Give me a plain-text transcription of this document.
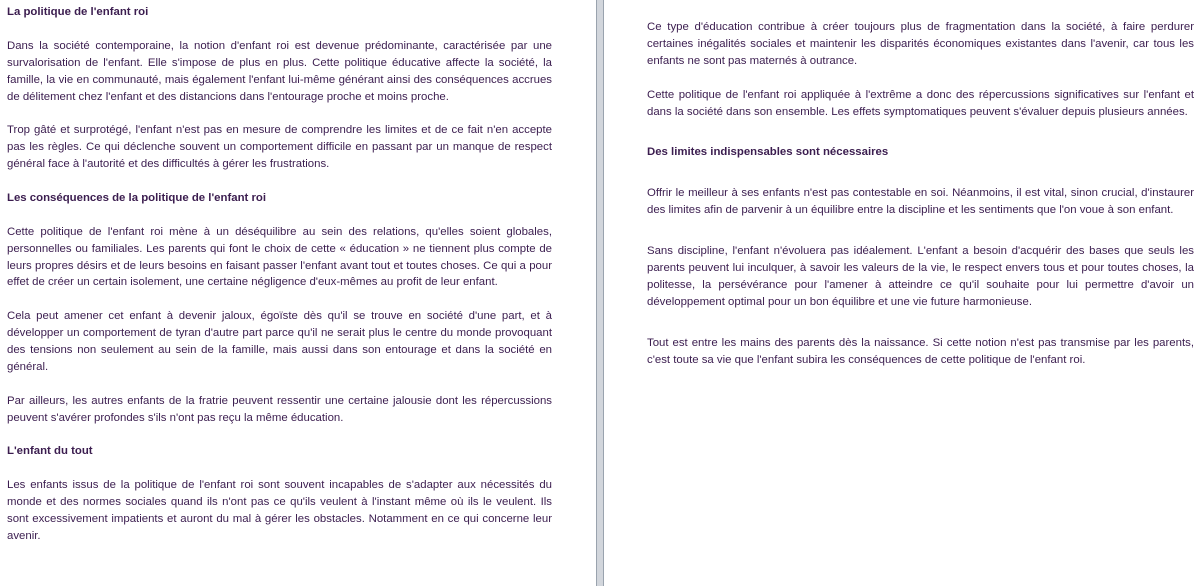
La politique de l'enfant roi

Dans la société contemporaine, la notion d'enfant roi est devenue prédominante, caractérisée par une survalorisation de l'enfant. Elle s'impose de plus en plus. Cette politique éducative affecte la société, la famille, la vie en communauté, mais également l'enfant lui-même générant ainsi des conséquences accrues de délitement chez l'enfant et des distancions dans l'entourage proche et moins proche.

Trop gâté et surprotégé, l'enfant n'est pas en mesure de comprendre les limites et de ce fait n'en accepte pas les règles. Ce qui déclenche souvent un comportement difficile en passant par un manque de respect général face à l'autorité et des difficultés à gérer les frustrations.

Les conséquences de la politique de l'enfant roi

Cette politique de l'enfant roi mène à un déséquilibre au sein des relations, qu'elles soient globales, personnelles ou familiales. Les parents qui font le choix de cette « éducation » ne tiennent plus compte de leurs propres désirs et de leurs besoins en faisant passer l'enfant avant tout et toutes choses. Ce qui a pour effet de créer un certain isolement, une certaine négligence d'eux-mêmes au profit de leur enfant.

Cela peut amener cet enfant à devenir jaloux, égoïste dès qu'il se trouve en société d'une part, et à développer un comportement de tyran d'autre part parce qu'il ne serait plus le centre du monde provoquant des tensions non seulement au sein de la famille, mais aussi dans son entourage et dans la société en général.

Par ailleurs, les autres enfants de la fratrie peuvent ressentir une certaine jalousie dont les répercussions peuvent s'avérer profondes s'ils n'ont pas reçu la même éducation.

L'enfant du tout

Les enfants issus de la politique de l'enfant roi sont souvent incapables de s'adapter aux nécessités du monde et des normes sociales quand ils n'ont pas ce qu'ils veulent à l'instant même où ils le veulent. Ils sont excessivement impatients et auront du mal à gérer les obstacles. Notamment en ce qui concerne leur avenir.

Ce type d'éducation contribue à créer toujours plus de fragmentation dans la société, à faire perdurer certaines inégalités sociales et maintenir les disparités économiques existantes dans l'avenir, car tous les enfants ne sont pas maternés à outrance.

Cette politique de l'enfant roi appliquée à l'extrême a donc des répercussions significatives sur l'enfant et dans la société dans son ensemble. Les effets symptomatiques peuvent s'évaluer depuis plusieurs années.

Des limites indispensables sont nécessaires

Offrir le meilleur à ses enfants n'est pas contestable en soi. Néanmoins, il est vital, sinon crucial, d'instaurer des limites afin de parvenir à un équilibre entre la discipline et les sentiments que l'on voue à son enfant.

Sans discipline, l'enfant n'évoluera pas idéalement. L'enfant a besoin d'acquérir des bases que seuls les parents peuvent lui inculquer, à savoir les valeurs de la vie, le respect envers tous et pour toutes choses, la politesse, la persévérance pour l'amener à atteindre ce qu'il souhaite pour lui permettre d'avoir un développement optimal pour un bon équilibre et une vie future harmonieuse.

Tout est entre les mains des parents dès la naissance. Si cette notion n'est pas transmise par les parents, c'est toute sa vie que l'enfant subira les conséquences de cette politique de l'enfant roi.
